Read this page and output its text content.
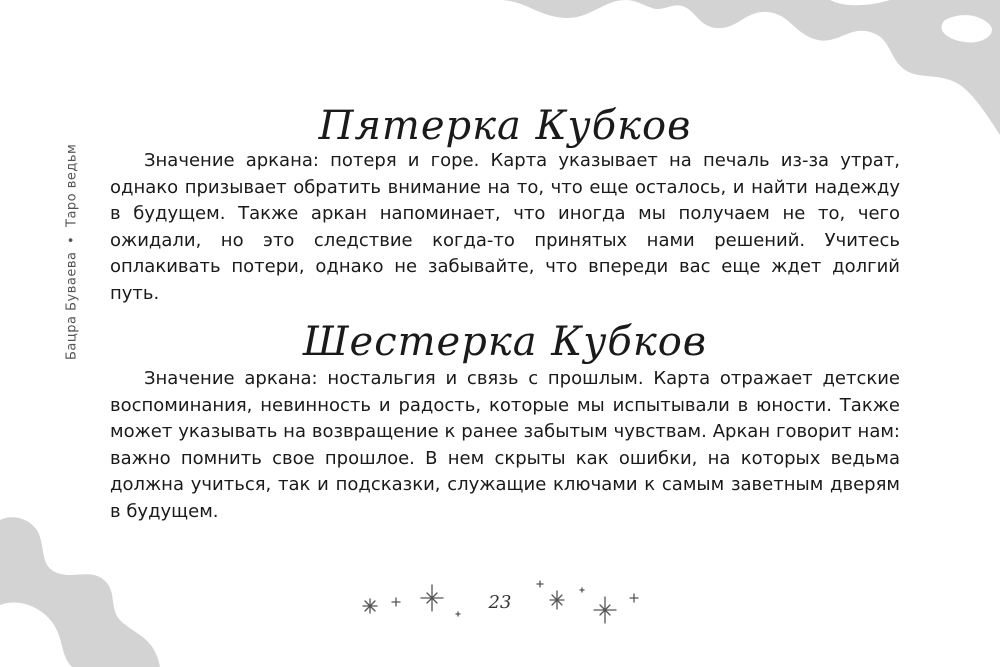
Бацра Буваева
•
Таро ведьм
Пятерка Кубков

Значение аркана: потеря и горе. Карта указывает на печаль из-за утрат, однако призывает обратить внимание на то, что еще осталось, и найти надежду в будущем. Также аркан напоминает, что иногда мы получаем не то, чего ожидали, но это следствие когда-то принятых нами решений. Учитесь оплакивать потери, однако не забывайте, что впереди вас еще ждет долгий путь.

Шестерка Кубков

Значение аркана: ностальгия и связь с прошлым. Карта отражает детские воспоминания, невинность и радость, которые мы испытывали в юности. Также может указывать на возвращение к ранее забытым чувствам. Аркан говорит нам: важно помнить свое прошлое. В нем скрыты как ошибки, на которых ведьма должна учиться, так и подсказки, служащие ключами к самым заветным дверям в будущем.

23
